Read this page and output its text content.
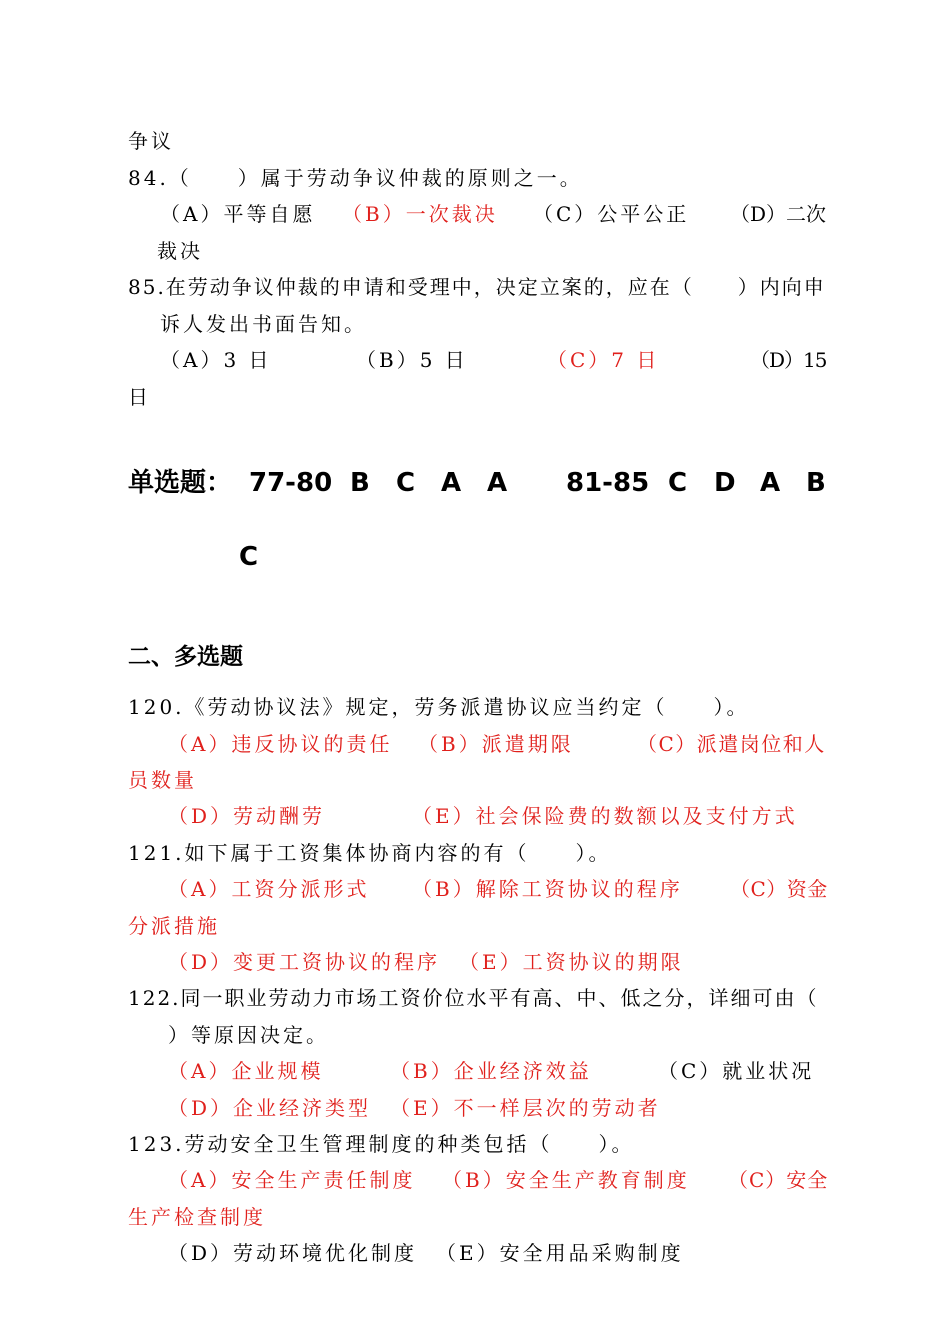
争议
84.（　　）属于劳动争议仲裁的原则之一。
（A）平等自愿 （B）一次裁决 （C）公平公正 （D）二次
裁决
85.在劳动争议仲裁的申请和受理中，决定立案的，应在（　　）内向申
诉人发出书面告知。
（A）3 日	（B）5 日	（C）7 日	（D）15
日
单选题： 77-80 B C A A 81-85 C D A B
C
二、多选题
120.《劳动协议法》规定，劳务派遣协议应当约定（　　）。
（A）违反协议的责任 （B）派遣期限	（C）派遣岗位和人
员数量
（D）劳动酬劳	（E）社会保险费的数额以及支付方式
121.如下属于工资集体协商内容的有（　　）。
（A）工资分派形式 （B）解除工资协议的程序 （C）资金
分派措施
（D）变更工资协议的程序 （E）工资协议的期限
122.同一职业劳动力市场工资价位水平有高、中、低之分，详细可由（
）等原因决定。
（A）企业规模	（B）企业经济效益	（C）就业状况
（D）企业经济类型 （E）不一样层次的劳动者
123.劳动安全卫生管理制度的种类包括（　　）。
（A）安全生产责任制度 （B）安全生产教育制度 （C）安全
生产检查制度
（D）劳动环境优化制度 （E）安全用品采购制度
